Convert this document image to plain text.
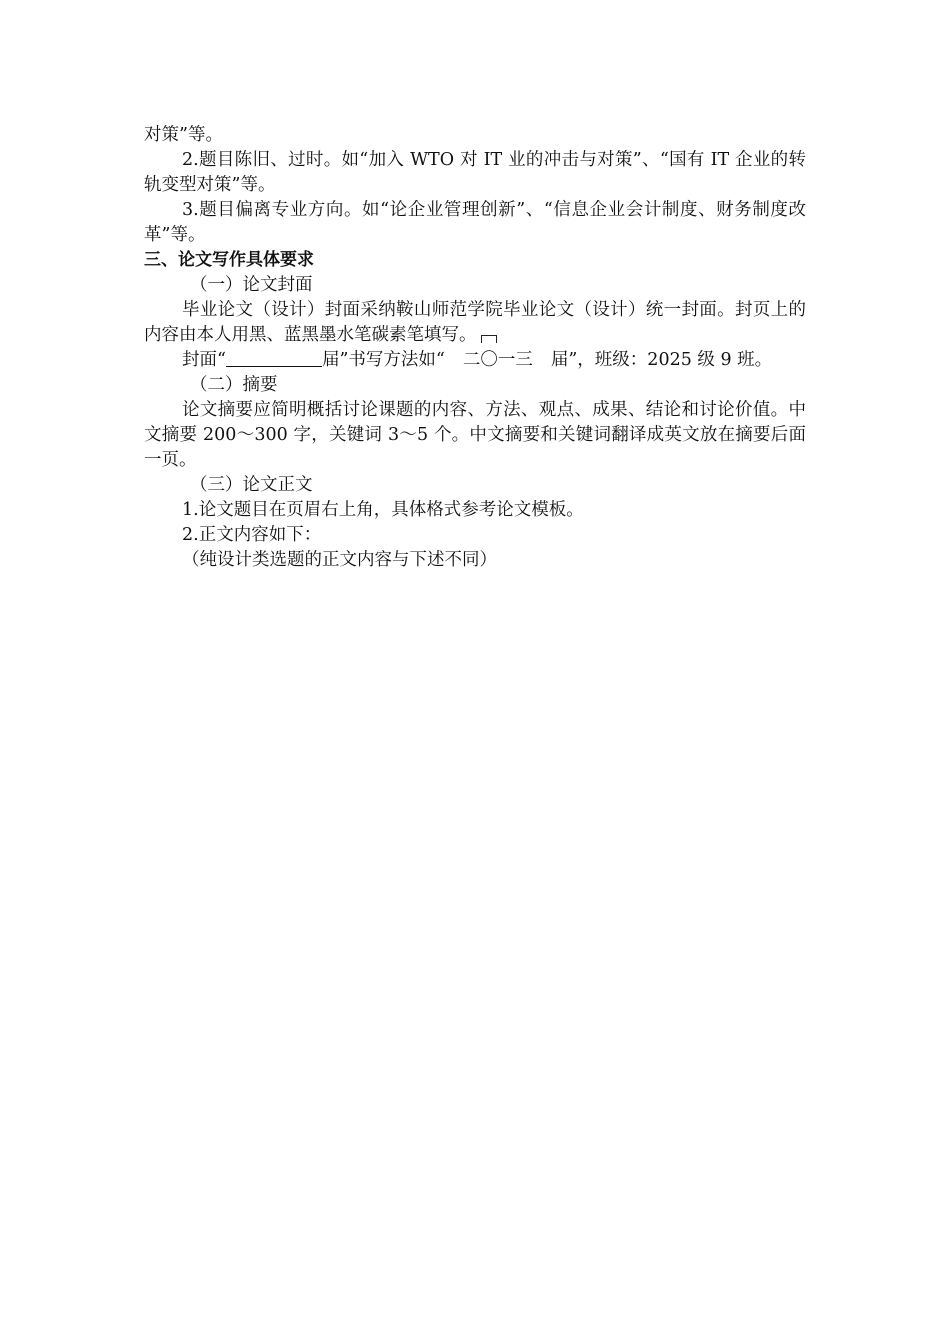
对策”等。

2.题目陈旧、过时。如“加入 WTO 对 IT 业的冲击与对策”、“国有 IT 企业的转轨变型对策”等。

3.题目偏离专业方向。如“论企业管理创新”、“信息企业会计制度、财务制度改革”等。

三、论文写作具体要求

（一）论文封面

毕业论文（设计）封面采纳鞍山师范学院毕业论文（设计）统一封面。封页上的内容由本人用黑、蓝黑墨水笔碳素笔填写。

封面“	届”书写方法如“ 二〇一三 届”，班级：2025 级 9 班。

（二）摘要

论文摘要应简明概括讨论课题的内容、方法、观点、成果、结论和讨论价值。中文摘要 200～300 字，关键词 3～5 个。中文摘要和关键词翻译成英文放在摘要后面一页。

（三）论文正文

1.论文题目在页眉右上角，具体格式参考论文模板。

2.正文内容如下：

（纯设计类选题的正文内容与下述不同）
